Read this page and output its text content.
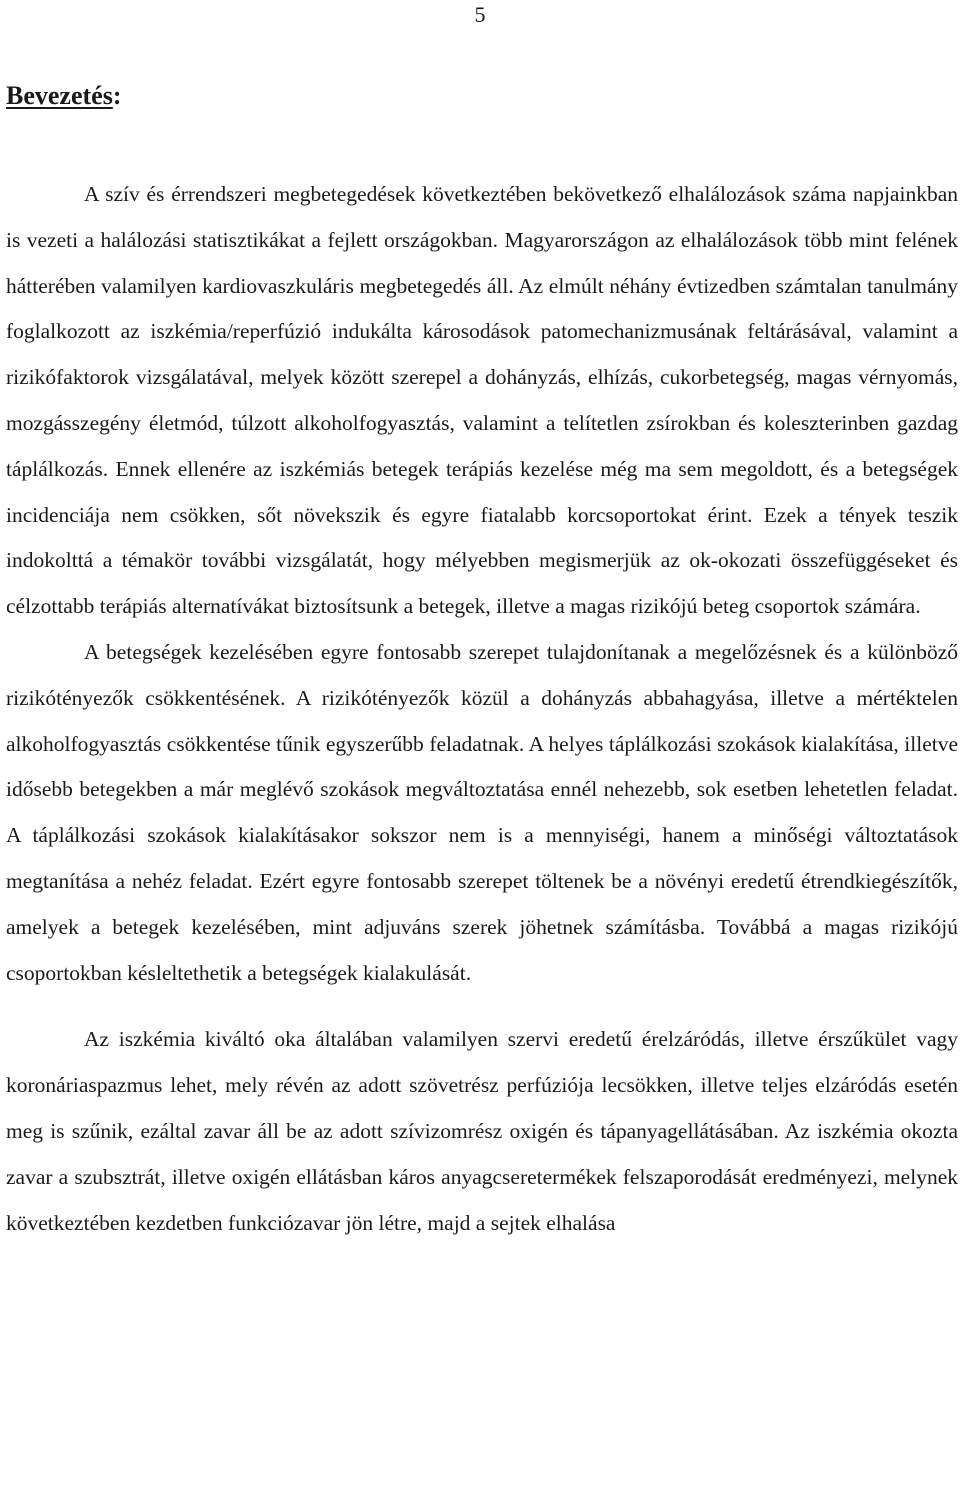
5
Bevezetés:

A szív és érrendszeri megbetegedések következtében bekövetkező elhalálozások száma napjainkban is vezeti a halálozási statisztikákat a fejlett országokban. Magyarországon az elhalálozások több mint felének hátterében valamilyen kardiovaszkuláris megbetegedés áll. Az elmúlt néhány évtizedben számtalan tanulmány foglalkozott az iszkémia/reperfúzió indukálta károsodások patomechanizmusának feltárásával, valamint a rizikófaktorok vizsgálatával, melyek között szerepel a dohányzás, elhízás, cukorbetegség, magas vérnyomás, mozgásszegény életmód, túlzott alkoholfogyasztás, valamint a telítetlen zsírokban és koleszterinben gazdag táplálkozás. Ennek ellenére az iszkémiás betegek terápiás kezelése még ma sem megoldott, és a betegségek incidenciája nem csökken, sőt növekszik és egyre fiatalabb korcsoportokat érint. Ezek a tények teszik indokolttá a témakör további vizsgálatát, hogy mélyebben megismerjük az ok-okozati összefüggéseket és célzottabb terápiás alternatívákat biztosítsunk a betegek, illetve a magas rizikójú beteg csoportok számára.

A betegségek kezelésében egyre fontosabb szerepet tulajdonítanak a megelőzésnek és a különböző rizikótényezők csökkentésének. A rizikótényezők közül a dohányzás abbahagyása, illetve a mértéktelen alkoholfogyasztás csökkentése tűnik egyszerűbb feladatnak. A helyes táplálkozási szokások kialakítása, illetve idősebb betegekben a már meglévő szokások megváltoztatása ennél nehezebb, sok esetben lehetetlen feladat. A táplálkozási szokások kialakításakor sokszor nem is a mennyiségi, hanem a minőségi változtatások megtanítása a nehéz feladat. Ezért egyre fontosabb szerepet töltenek be a növényi eredetű étrendkiegészítők, amelyek a betegek kezelésében, mint adjuváns szerek jöhetnek számításba. Továbbá a magas rizikójú csoportokban késleltethetik a betegségek kialakulását.

Az iszkémia kiváltó oka általában valamilyen szervi eredetű érelzáródás, illetve érszűkület vagy koronáriaspazmus lehet, mely révén az adott szövetrész perfúziója lecsökken, illetve teljes elzáródás esetén meg is szűnik, ezáltal zavar áll be az adott szívizomrész oxigén és tápanyagellátásában. Az iszkémia okozta zavar a szubsztrát, illetve oxigén ellátásban káros anyagcseretermékek felszaporodását eredményezi, melynek következtében kezdetben funkciózavar jön létre, majd a sejtek elhalása
